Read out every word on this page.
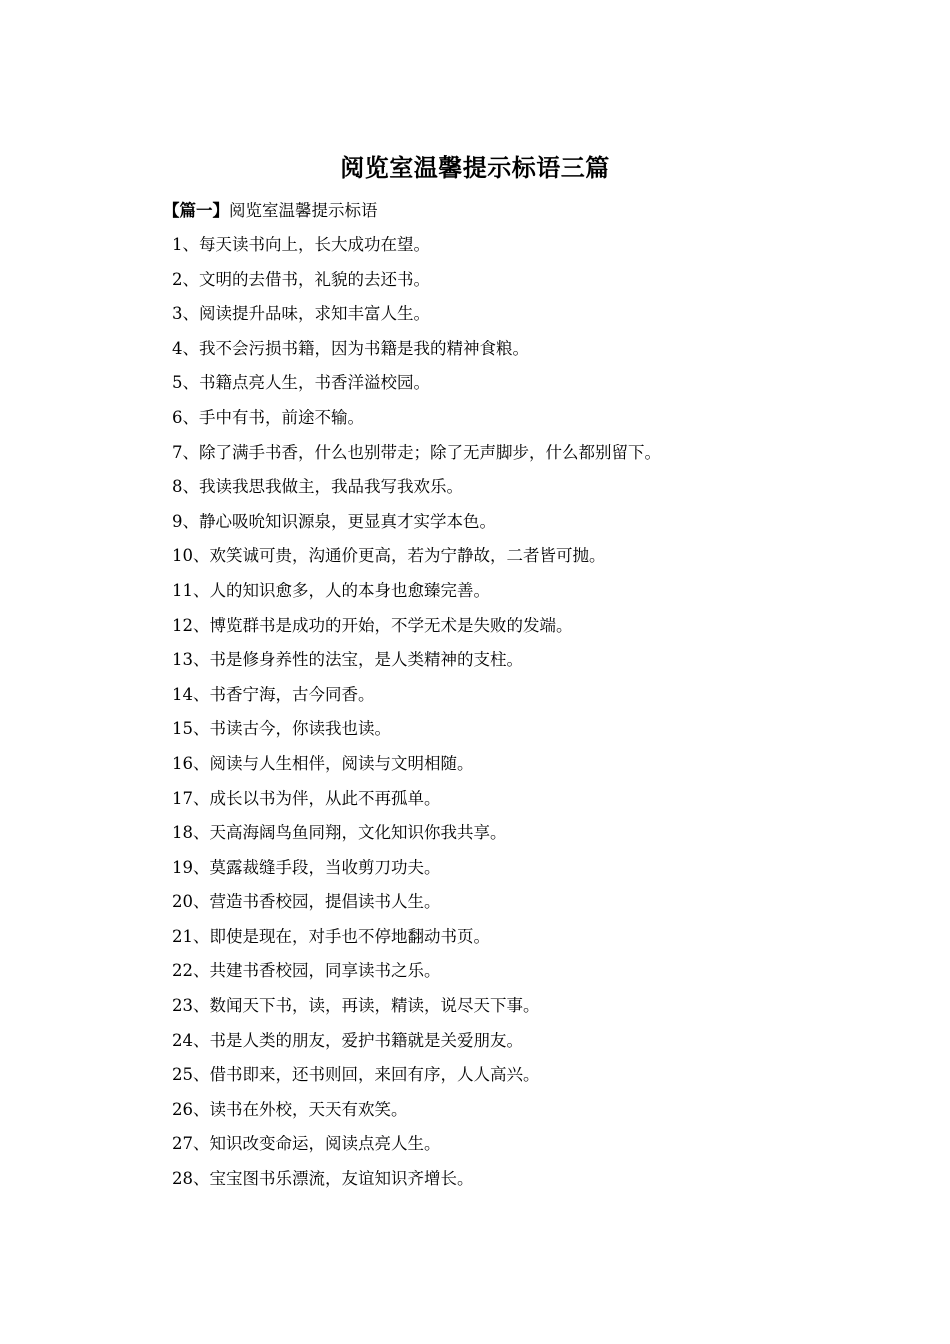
阅览室温馨提示标语三篇
【篇一】阅览室温馨提示标语
1、每天读书向上，长大成功在望。
2、文明的去借书，礼貌的去还书。
3、阅读提升品味，求知丰富人生。
4、我不会污损书籍，因为书籍是我的精神食粮。
5、书籍点亮人生，书香洋溢校园。
6、手中有书，前途不输。
7、除了满手书香，什么也别带走；除了无声脚步，什么都别留下。
8、我读我思我做主，我品我写我欢乐。
9、静心吸吮知识源泉，更显真才实学本色。
10、欢笑诚可贵，沟通价更高，若为宁静故，二者皆可抛。
11、人的知识愈多，人的本身也愈臻完善。
12、博览群书是成功的开始，不学无术是失败的发端。
13、书是修身养性的法宝，是人类精神的支柱。
14、书香宁海，古今同香。
15、书读古今，你读我也读。
16、阅读与人生相伴，阅读与文明相随。
17、成长以书为伴，从此不再孤单。
18、天高海阔鸟鱼同翔，文化知识你我共享。
19、莫露裁缝手段，当收剪刀功夫。
20、营造书香校园，提倡读书人生。
21、即使是现在，对手也不停地翻动书页。
22、共建书香校园，同享读书之乐。
23、数闻天下书，读，再读，精读，说尽天下事。
24、书是人类的朋友，爱护书籍就是关爱朋友。
25、借书即来，还书则回，来回有序，人人高兴。
26、读书在外校，天天有欢笑。
27、知识改变命运，阅读点亮人生。
28、宝宝图书乐漂流，友谊知识齐增长。
